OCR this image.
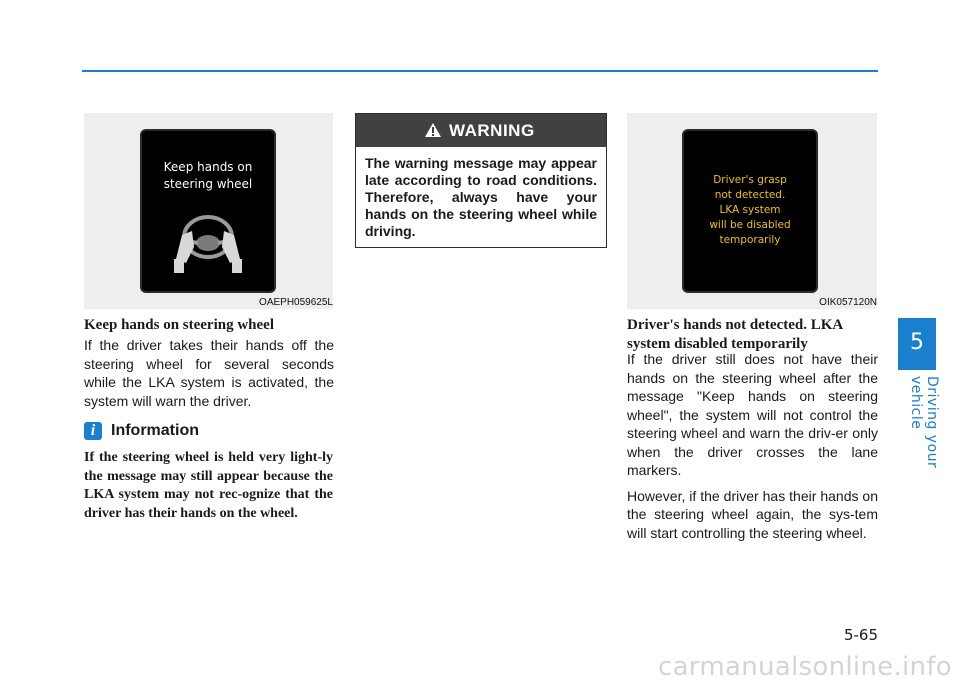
Keep hands on
steering wheel
OAEPH059625L
Keep hands on steering wheel
If the driver takes their hands off the steering wheel for several seconds while the LKA system is activated, the system will warn the driver.
i Information
If the steering wheel is held very light-ly the message may still appear because the LKA system may not rec-ognize that the driver has their hands on the wheel.
WARNING
The warning message may appear late according to road conditions. Therefore, always have your hands on the steering wheel while driving.
Driver's grasp
not detected.
LKA system
will be disabled
temporarily
OIK057120N
Driver's hands not detected. LKA system disabled temporarily

If the driver still does not have their hands on the steering wheel after the message "Keep hands on steering wheel", the system will not control the steering wheel and warn the driv-er only when the driver crosses the lane markers.

However, if the driver has their hands on the steering wheel again, the sys-tem will start controlling the steering wheel.

5
Driving your vehicle
5-65
carmanualsonline.info
